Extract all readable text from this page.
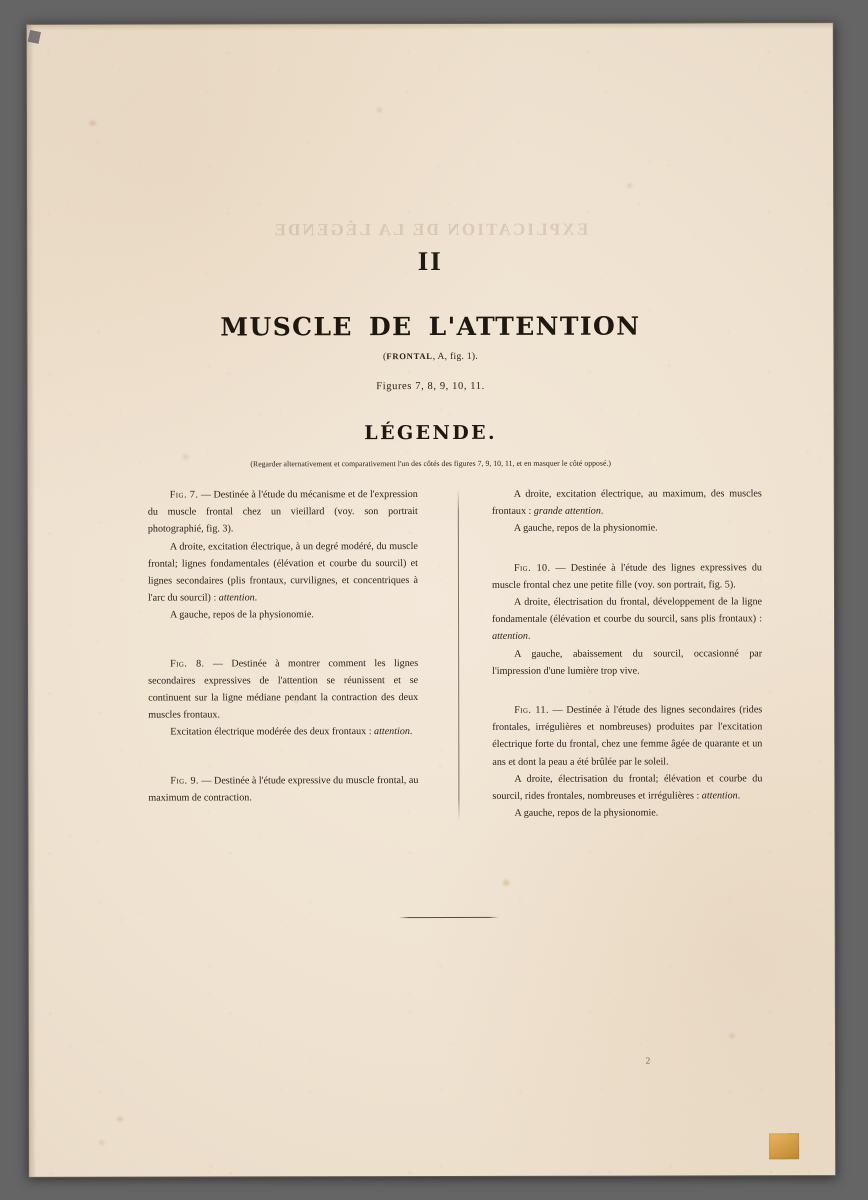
EXPLICATION DE LA LÉGENDE
II
MUSCLE DE L'ATTENTION
(FRONTAL, A, fig. 1).
Figures 7, 8, 9, 10, 11.
LÉGENDE.
(Regarder alternativement et comparativement l'un des côtés des figures 7, 9, 10, 11, et en masquer le côté opposé.)

Fig. 7. — Destinée à l'étude du mécanisme et de l'expression du muscle frontal chez un vieillard (voy. son portrait photographié, fig. 3).

A droite, excitation électrique, à un degré modéré, du muscle frontal; lignes fondamentales (élévation et courbe du sourcil) et lignes secondaires (plis frontaux, curvilignes, et concentriques à l'arc du sourcil) : attention.

A gauche, repos de la physionomie.

Fig. 8. — Destinée à montrer comment les lignes secondaires expressives de l'attention se réunissent et se continuent sur la ligne médiane pendant la contraction des deux muscles frontaux.

Excitation électrique modérée des deux frontaux : attention.

Fig. 9. — Destinée à l'étude expressive du muscle frontal, au maximum de contraction.

A droite, excitation électrique, au maximum, des muscles frontaux : grande attention.

A gauche, repos de la physionomie.

Fig. 10. — Destinée à l'étude des lignes expressives du muscle frontal chez une petite fille (voy. son portrait, fig. 5).

A droite, électrisation du frontal, développement de la ligne fondamentale (élévation et courbe du sourcil, sans plis frontaux) : attention.

A gauche, abaissement du sourcil, occasionné par l'impression d'une lumière trop vive.

Fig. 11. — Destinée à l'étude des lignes secondaires (rides frontales, irrégulières et nombreuses) produites par l'excitation électrique forte du frontal, chez une femme âgée de quarante et un ans et dont la peau a été brûlée par le soleil.

A droite, électrisation du frontal; élévation et courbe du sourcil, rides frontales, nombreuses et irrégulières : attention.

A gauche, repos de la physionomie.

2
